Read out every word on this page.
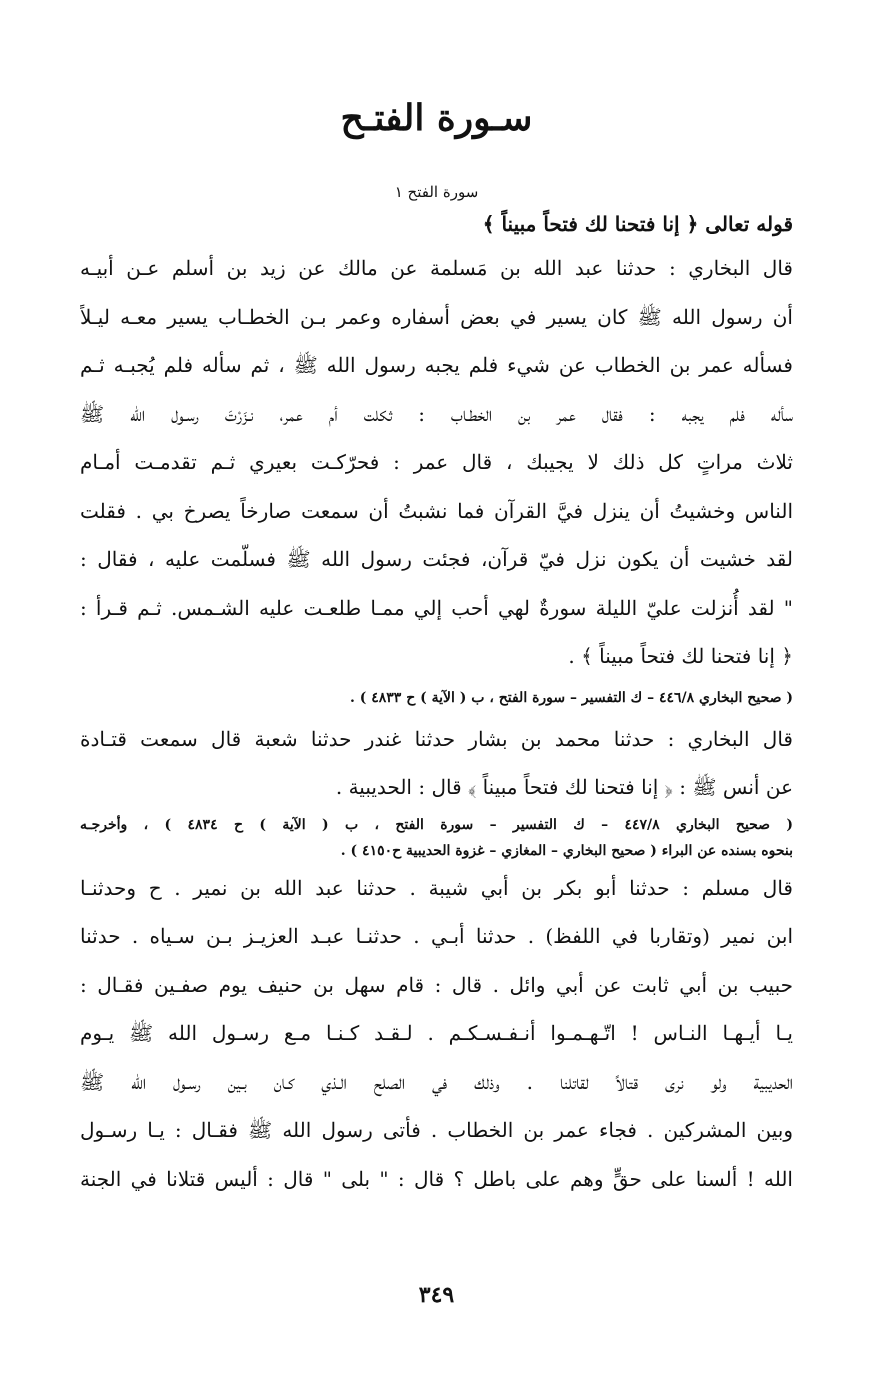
سـورة الفتـح
سورة الفتح ١
قوله تعالى ﴿ إنا فتحنا لك فتحاً مبيناً ﴾
قال البخاري : حدثنا عبد الله بن مَسلمة عن مالك عن زيد بن أسلم عـن أبيـه
أن رسول الله ﷺ كان يسير في بعض أسفاره وعمر بـن الخطـاب يسير معـه ليـلاً
فسأله عمر بن الخطاب عن شيء فلم يجبه رسول الله ﷺ ، ثم سأله فلم يُجبـه ثـم
سأله فلم يجبه : فقال عمر بن الخطـاب : ثكلت أم عمر، نـزَرْتَ رسـول الله ﷺ
ثلاث مراتٍ كل ذلك لا يجيبك ، قال عمر : فحرّكـت بعيري ثـم تقدمـت أمـام
الناس وخشيتُ أن ينزل فيَّ القرآن فما نشبتُ أن سمعت صارخاً يصرخ بي . فقلت
لقد خشيت أن يكون نزل فيّ قرآن، فجئت رسول الله ﷺ فسلّمت عليه ، فقال :
" لقد أُنزلت عليّ الليلة سورةٌ لهي أحب إلي ممـا طلعـت عليه الشـمس. ثـم قـرأ :
﴿ إنا فتحنا لك فتحاً مبيناً ﴾ .
( صحيح البخاري ٤٤٦/٨ – ك التفسير – سورة الفتح ، ب ( الآية ) ح ٤٨٣٣ ) .
قال البخاري : حدثنا محمد بن بشار حدثنا غندر حدثنا شعبة قال سمعت قتـادة
عن أنس ﷺ : ﴿ إنا فتحنا لك فتحاً مبيناً ﴾ قال : الحديبية .
( صحيح البخاري ٤٤٧/٨ – ك التفسير – سورة الفتح ، ب ( الآية ) ح ٤٨٣٤ ) ، وأخرجـه
بنحوه بسنده عن البراء ( صحيح البخاري – المغازي – غزوة الحديبية ح٤١٥٠ ) .
قال مسلم : حدثنا أبو بكر بن أبي شيبة . حدثنا عبد الله بن نمير . ح وحدثنـا
ابن نمير (وتقاربا في اللفظ) . حدثنا أبـي . حدثنـا عبـد العزيـز بـن سـياه . حدثنا
حبيب بن أبي ثابت عن أبي وائل . قال : قام سهل بن حنيف يوم صفـين فقـال :
يـا أيـهـا النـاس ! اتّـهـمـوا أنـفـسـكـم . لـقـد كـنـا مـع رسـول الله ﷺ يـوم
الحديبية ولو نرى قتالاً لقاتلنا . وذلك في الصلح الـذي كـان بـين رسـول الله ﷺ
وبين المشركين . فجاء عمر بن الخطاب . فأتى رسول الله ﷺ فقـال : يـا رسـول
الله ! ألسنا على حقٍّ وهم على باطل ؟ قال : " بلى " قال : أليس قتلانا في الجنة
٣٤٩
